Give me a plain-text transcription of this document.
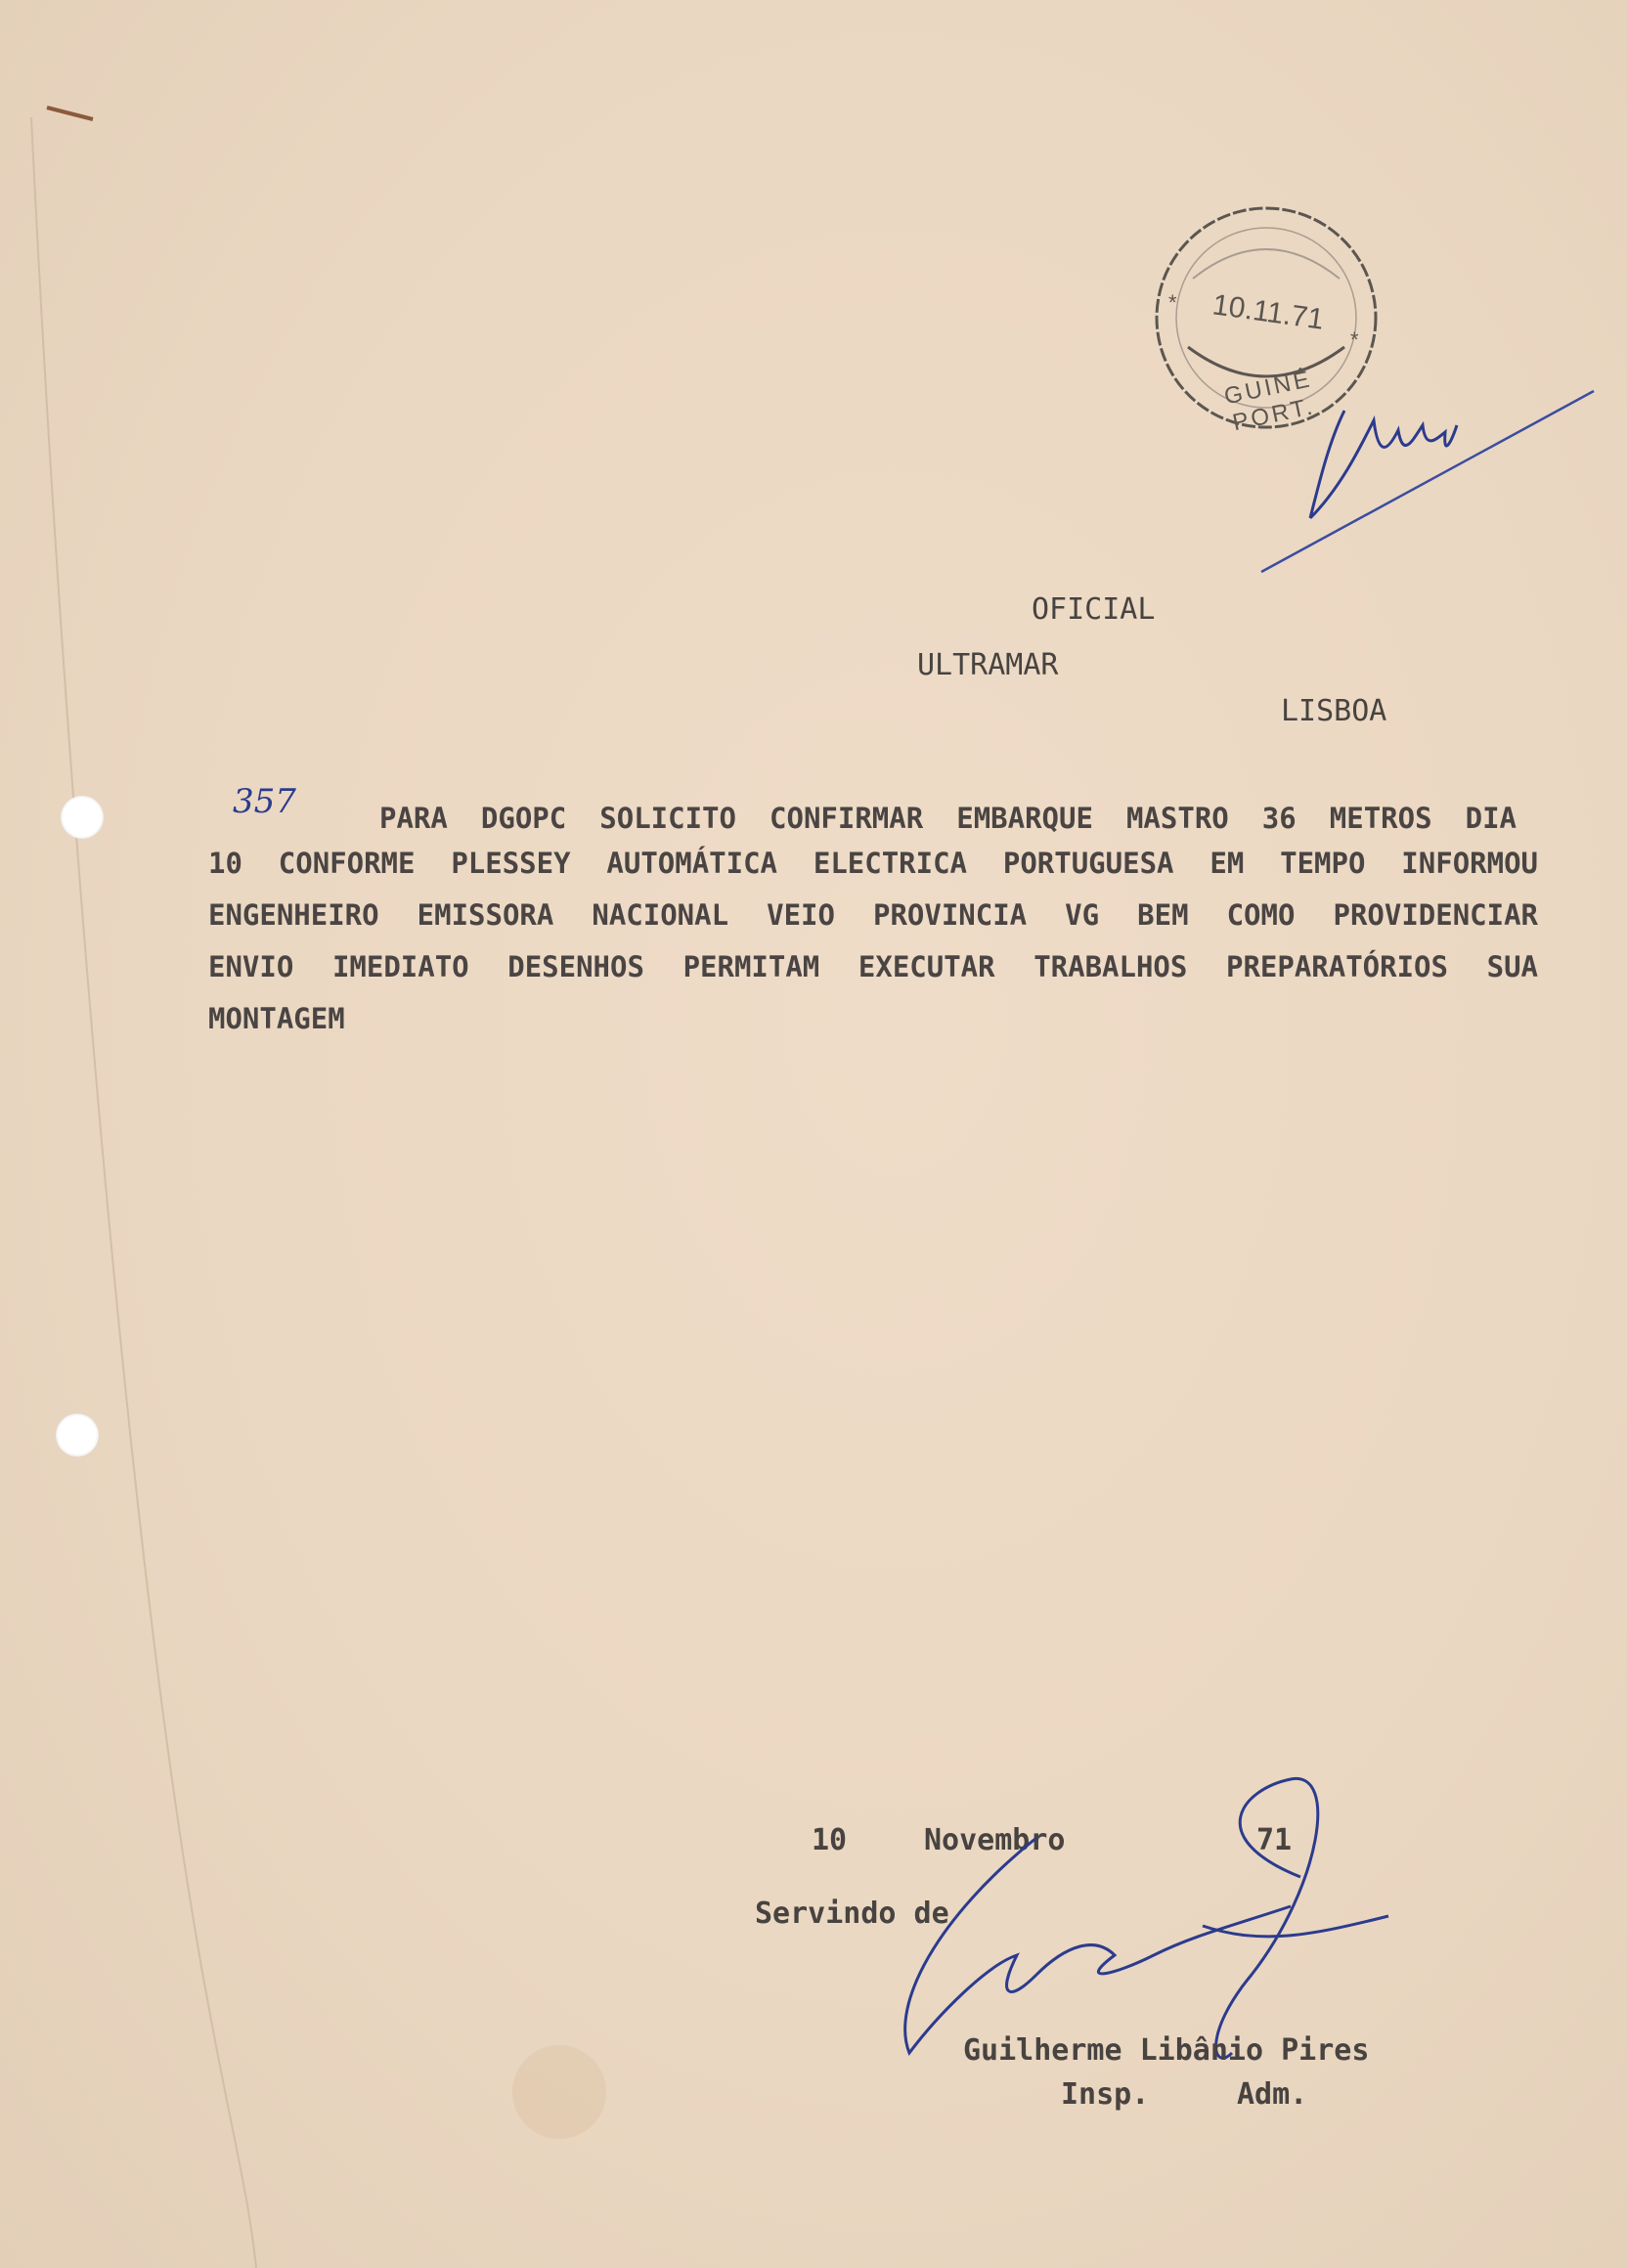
*
*
10.11.71
GUINÉ PORT.
OFICIAL
ULTRAMAR
LISBOA
357	PARA DGOPC SOLICITO CONFIRMAR EMBARQUE MASTRO 36 METROS DIA
10 CONFORME PLESSEY AUTOMÁTICA ELECTRICA PORTUGUESA EM TEMPO INFORMOU
ENGENHEIRO EMISSORA NACIONAL VEIO PROVINCIA VG BEM COMO PROVIDENCIAR
ENVIO IMEDIATO DESENHOS PERMITAM EXECUTAR TRABALHOS PREPARATÓRIOS SUA
MONTAGEM
10	Novembro	71
Servindo de
Guilherme Libânio Pires
Insp.	Adm.
